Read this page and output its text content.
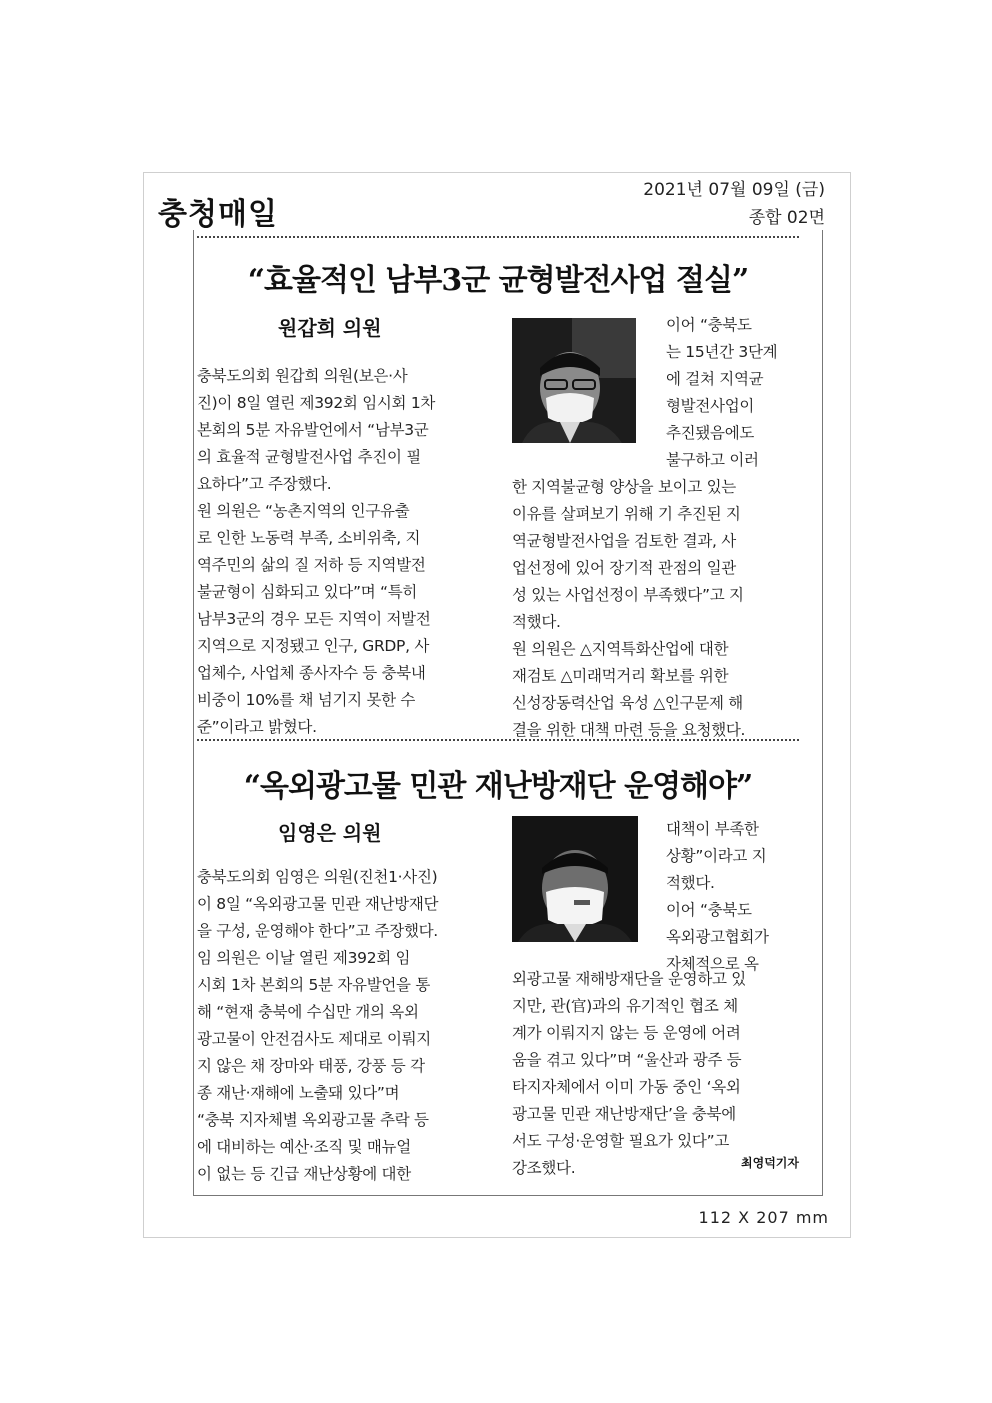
충청매일
2021년 07월 09일 (금)
종합 02면
“효율적인 남부3군 균형발전사업 절실”
원갑희 의원

충북도의회 원갑희 의원(보은·사

진)이 8일 열린 제392회 임시회 1차

본회의 5분 자유발언에서 “남부3군

의 효율적 균형발전사업 추진이 필

요하다”고 주장했다.

원 의원은 “농촌지역의 인구유출

로 인한 노동력 부족, 소비위축, 지

역주민의 삶의 질 저하 등 지역발전

불균형이 심화되고 있다”며 “특히

남부3군의 경우 모든 지역이 저발전

지역으로 지정됐고 인구, GRDP, 사

업체수, 사업체 종사자수 등 충북내

비중이 10%를 채 넘기지 못한 수

준”이라고 밝혔다.

이어 “충북도

는 15년간 3단계

에 걸쳐 지역균

형발전사업이

추진됐음에도

불구하고 이러

한 지역불균형 양상을 보이고 있는

이유를 살펴보기 위해 기 추진된 지

역균형발전사업을 검토한 결과, 사

업선정에 있어 장기적 관점의 일관

성 있는 사업선정이 부족했다”고 지

적했다.

원 의원은 △지역특화산업에 대한

재검토 △미래먹거리 확보를 위한

신성장동력산업 육성 △인구문제 해

결을 위한 대책 마련 등을 요청했다.

“옥외광고물 민관 재난방재단 운영해야”
임영은 의원

충북도의회 임영은 의원(진천1·사진)

이 8일 “옥외광고물 민관 재난방재단

을 구성, 운영해야 한다”고 주장했다.

임 의원은 이날 열린 제392회 임

시회 1차 본회의 5분 자유발언을 통

해 “현재 충북에 수십만 개의 옥외

광고물이 안전검사도 제대로 이뤄지

지 않은 채 장마와 태풍, 강풍 등 각

종 재난·재해에 노출돼 있다”며

“충북 지자체별 옥외광고물 추락 등

에 대비하는 예산·조직 및 매뉴얼

이 없는 등 긴급 재난상황에 대한

대책이 부족한

상황”이라고 지

적했다.

이어 “충북도

옥외광고협회가

자체적으로 옥

외광고물 재해방재단을 운영하고 있

지만, 관(官)과의 유기적인 협조 체

계가 이뤄지지 않는 등 운영에 어려

움을 겪고 있다”며 “울산과 광주 등

타지자체에서 이미 가동 중인 ‘옥외

광고물 민관 재난방재단’을 충북에

서도 구성·운영할 필요가 있다”고

강조했다.	최영덕기자
112 X 207 mm
